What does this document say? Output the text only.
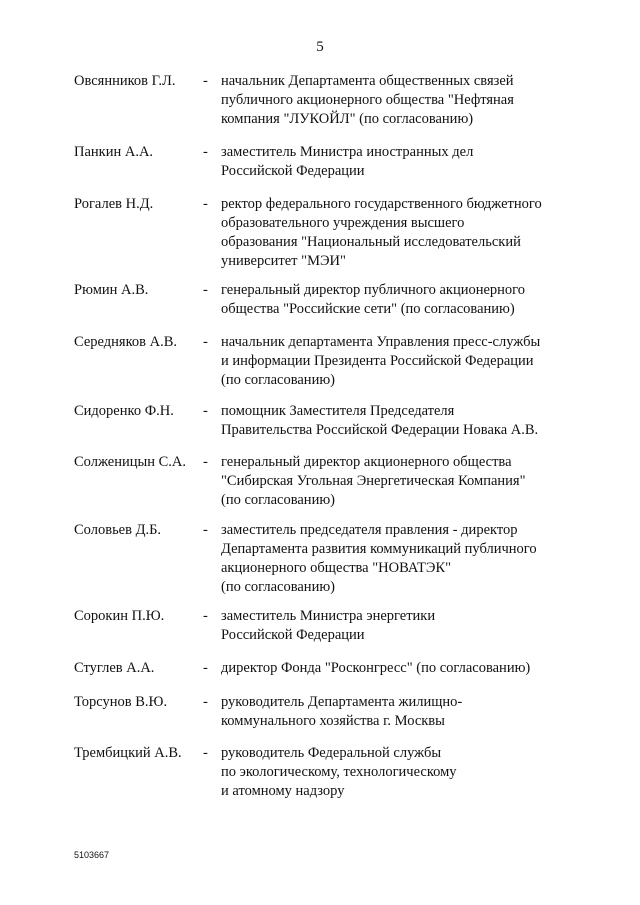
5
Овсянников Г.Л.	- начальник Департамента общественных связей
публичного акционерного общества "Нефтяная
компания "ЛУКОЙЛ" (по согласованию)
Панкин А.А.	- заместитель Министра иностранных дел
Российской Федерации
Рогалев Н.Д.	- ректор федерального государственного бюджетного
образовательного учреждения высшего
образования "Национальный исследовательский
университет "МЭИ"
Рюмин А.В.	- генеральный директор публичного акционерного
общества "Российские сети" (по согласованию)
Середняков А.В.	- начальник департамента Управления пресс-службы
и информации Президента Российской Федерации
(по согласованию)
Сидоренко Ф.Н.	- помощник Заместителя Председателя
Правительства Российской Федерации Новака А.В.
Солженицын С.А.	- генеральный директор акционерного общества
"Сибирская Угольная Энергетическая Компания"
(по согласованию)
Соловьев Д.Б.	- заместитель председателя правления - директор
Департамента развития коммуникаций публичного
акционерного общества "НОВАТЭК"
(по согласованию)
Сорокин П.Ю.	- заместитель Министра энергетики
Российской Федерации
Стуглев А.А.	- директор Фонда "Росконгресс" (по согласованию)
Торсунов В.Ю.	- руководитель Департамента жилищно-
коммунального хозяйства г. Москвы
Трембицкий А.В.	- руководитель Федеральной службы
по экологическому, технологическому
и атомному надзору
5103667
